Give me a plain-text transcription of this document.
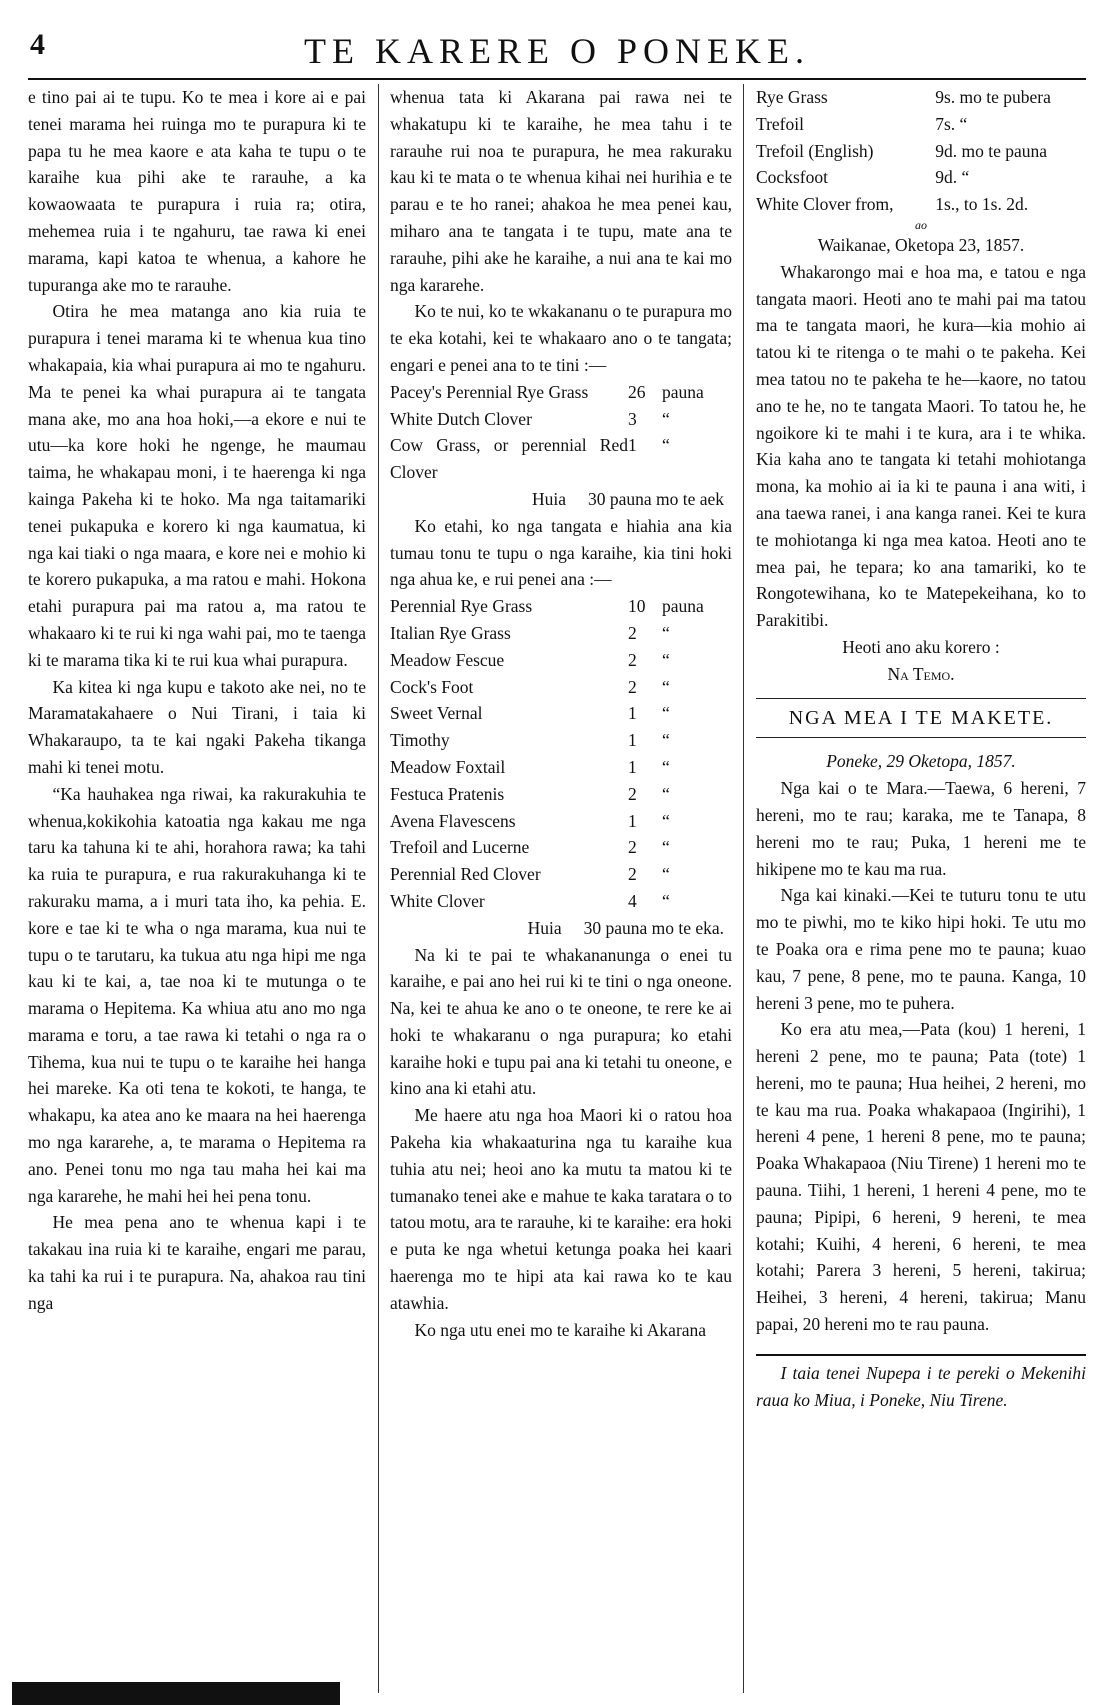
4	TE KARERE O PONEKE.

e tino pai ai te tupu. Ko te mea i kore ai e pai tenei marama hei ruinga mo te purapura ki te papa tu he mea kaore e ata kaha te tupu o te karaihe kua pihi ake te rarauhe, a ka kowaowaata te purapura i ruia ra; otira, mehemea ruia i te ngahuru, tae rawa ki enei marama, kapi katoa te whenua, a kahore he tupuranga ake mo te rarauhe.

Otira he mea matanga ano kia ruia te purapura i tenei marama ki te whenua kua tino whakapaia, kia whai purapura ai mo te ngahuru. Ma te penei ka whai purapura ai te tangata mana ake, mo ana hoa hoki,—a ekore e nui te utu—ka kore hoki he ngenge, he maumau taima, he whakapau moni, i te haerenga ki nga kainga Pakeha ki te hoko. Ma nga taitamariki tenei pukapuka e korero ki nga kaumatua, ki nga kai tiaki o nga maara, e kore nei e mohio ki te korero pukapuka, a ma ratou e mahi. Hokona etahi purapura pai ma ratou a, ma ratou te whakaaro ki te rui ki nga wahi pai, mo te taenga ki te marama tika ki te rui kua whai purapura.

Ka kitea ki nga kupu e takoto ake nei, no te Maramatakahaere o Nui Tirani, i taia ki Whakaraupo, ta te kai ngaki Pakeha tikanga mahi ki tenei motu.

“Ka hauhakea nga riwai, ka rakurakuhia te whenua,kokikohia katoatia nga kakau me nga taru ka tahuna ki te ahi, horahora rawa; ka tahi ka ruia te purapura, e rua rakurakuhanga ki te rakuraku mama, a i muri tata iho, ka pehia. E. kore e tae ki te wha o nga marama, kua nui te tupu o te tarutaru, ka tukua atu nga hipi me nga kau ki te kai, a, tae noa ki te mutunga o te marama o Hepitema. Ka whiua atu ano mo nga marama e toru, a tae rawa ki tetahi o nga ra o Tihema, kua nui te tupu o te karaihe hei hanga hei mareke. Ka oti tena te kokoti, te hanga, te whakapu, ka atea ano ke maara na hei haerenga mo nga kararehe, a, te marama o Hepitema ra ano. Penei tonu mo nga tau maha hei kai ma nga kararehe, he mahi hei hei pena tonu.

He mea pena ano te whenua kapi i te takakau ina ruia ki te karaihe, engari me parau, ka tahi ka rui i te purapura. Na, ahakoa rau tini nga

whenua tata ki Akarana pai rawa nei te whakatupu ki te karaihe, he mea tahu i te rarauhe rui noa te purapura, he mea rakuraku kau ki te mata o te whenua kihai nei hurihia e te parau e te ho ranei; ahakoa he mea penei kau, miharo ana te tangata i te tupu, mate ana te rarauhe, pihi ake he karaihe, a nui ana te kai mo nga kararehe.

Ko te nui, ko te wkakananu o te purapura mo te eka kotahi, kei te whakaaro ano o te tangata; engari e penei ana to te tini :—

Pacey's Perennial Rye Grass	26	pauna
White Dutch Clover	3	“
Cow Grass, or perennial Red Clover	1	“
Huia 30 pauna mo te aek

Ko etahi, ko nga tangata e hiahia ana kia tumau tonu te tupu o nga karaihe, kia tini hoki nga ahua ke, e rui penei ana :—

Perennial Rye Grass	10	pauna
Italian Rye Grass	2	“
Meadow Fescue	2	“
Cock's Foot	2	“
Sweet Vernal	1	“
Timothy	1	“
Meadow Foxtail	1	“
Festuca Pratenis	2	“
Avena Flavescens	1	“
Trefoil and Lucerne	2	“
Perennial Red Clover	2	“
White Clover	4	“
Huia 30 pauna mo te eka.

Na ki te pai te whakananunga o enei tu karaihe, e pai ano hei rui ki te tini o nga oneone. Na, kei te ahua ke ano o te oneone, te rere ke ai hoki te whakaranu o nga purapura; ko etahi karaihe hoki e tupu pai ana ki tetahi tu oneone, e kino ana ki etahi atu.

Me haere atu nga hoa Maori ki o ratou hoa Pakeha kia whakaaturina nga tu karaihe kua tuhia atu nei; heoi ano ka mutu ta matou ki te tumanako tenei ake e mahue te kaka taratara o to tatou motu, ara te rarauhe, ki te karaihe: era hoki e puta ke nga whetui ketunga poaka hei kaari haerenga mo te hipi ata kai rawa ko te kau atawhia.

Ko nga utu enei mo te karaihe ki Akarana

Rye Grass	9s. mo te pubera
Trefoil	7s. “
Trefoil (English)	9d. mo te pauna
Cocksfoot	9d. “
White Clover from,	1s., to 1s. 2d.
ao

Waikanae, Oketopa 23, 1857.

Whakarongo mai e hoa ma, e tatou e nga tangata maori. Heoti ano te mahi pai ma tatou ma te tangata maori, he kura—kia mohio ai tatou ki te ritenga o te mahi o te pakeha. Kei mea tatou no te pakeha te he—kaore, no tatou ano te he, no te tangata Maori. To tatou he, he ngoikore ki te mahi i te kura, ara i te whika. Kia kaha ano te tangata ki tetahi mohiotanga mona, ka mohio ai ia ki te pauna i ana witi, i ana taewa ranei, i ana kanga ranei. Kei te kura te mohiotanga ki nga mea katoa. Heoti ano te mea pai, he tepara; ko ana tamariki, ko te Rongotewihana, ko te Matepekeihana, ko to Parakitibi.

Heoti ano aku korero :

Na Temo.

NGA MEA I TE MAKETE.

Poneke, 29 Oketopa, 1857.

Nga kai o te Mara.—Taewa, 6 hereni, 7 hereni, mo te rau; karaka, me te Tanapa, 8 hereni mo te rau; Puka, 1 hereni me te hikipene mo te kau ma rua.

Nga kai kinaki.—Kei te tuturu tonu te utu mo te piwhi, mo te kiko hipi hoki. Te utu mo te Poaka ora e rima pene mo te pauna; kuao kau, 7 pene, 8 pene, mo te pauna. Kanga, 10 hereni 3 pene, mo te puhera.

Ko era atu mea,—Pata (kou) 1 hereni, 1 hereni 2 pene, mo te pauna; Pata (tote) 1 hereni, mo te pauna; Hua heihei, 2 hereni, mo te kau ma rua. Poaka whakapaoa (Ingirihi), 1 hereni 4 pene, 1 hereni 8 pene, mo te pauna; Poaka Whakapaoa (Niu Tirene) 1 hereni mo te pauna. Tiihi, 1 hereni, 1 hereni 4 pene, mo te pauna; Pipipi, 6 hereni, 9 hereni, te mea kotahi; Kuihi, 4 hereni, 6 hereni, te mea kotahi; Parera 3 hereni, 5 hereni, takirua; Heihei, 3 hereni, 4 hereni, takirua; Manu papai, 20 hereni mo te rau pauna.

I taia tenei Nupepa i te pereki o Mekenihi raua ko Miua, i Poneke, Niu Tirene.
